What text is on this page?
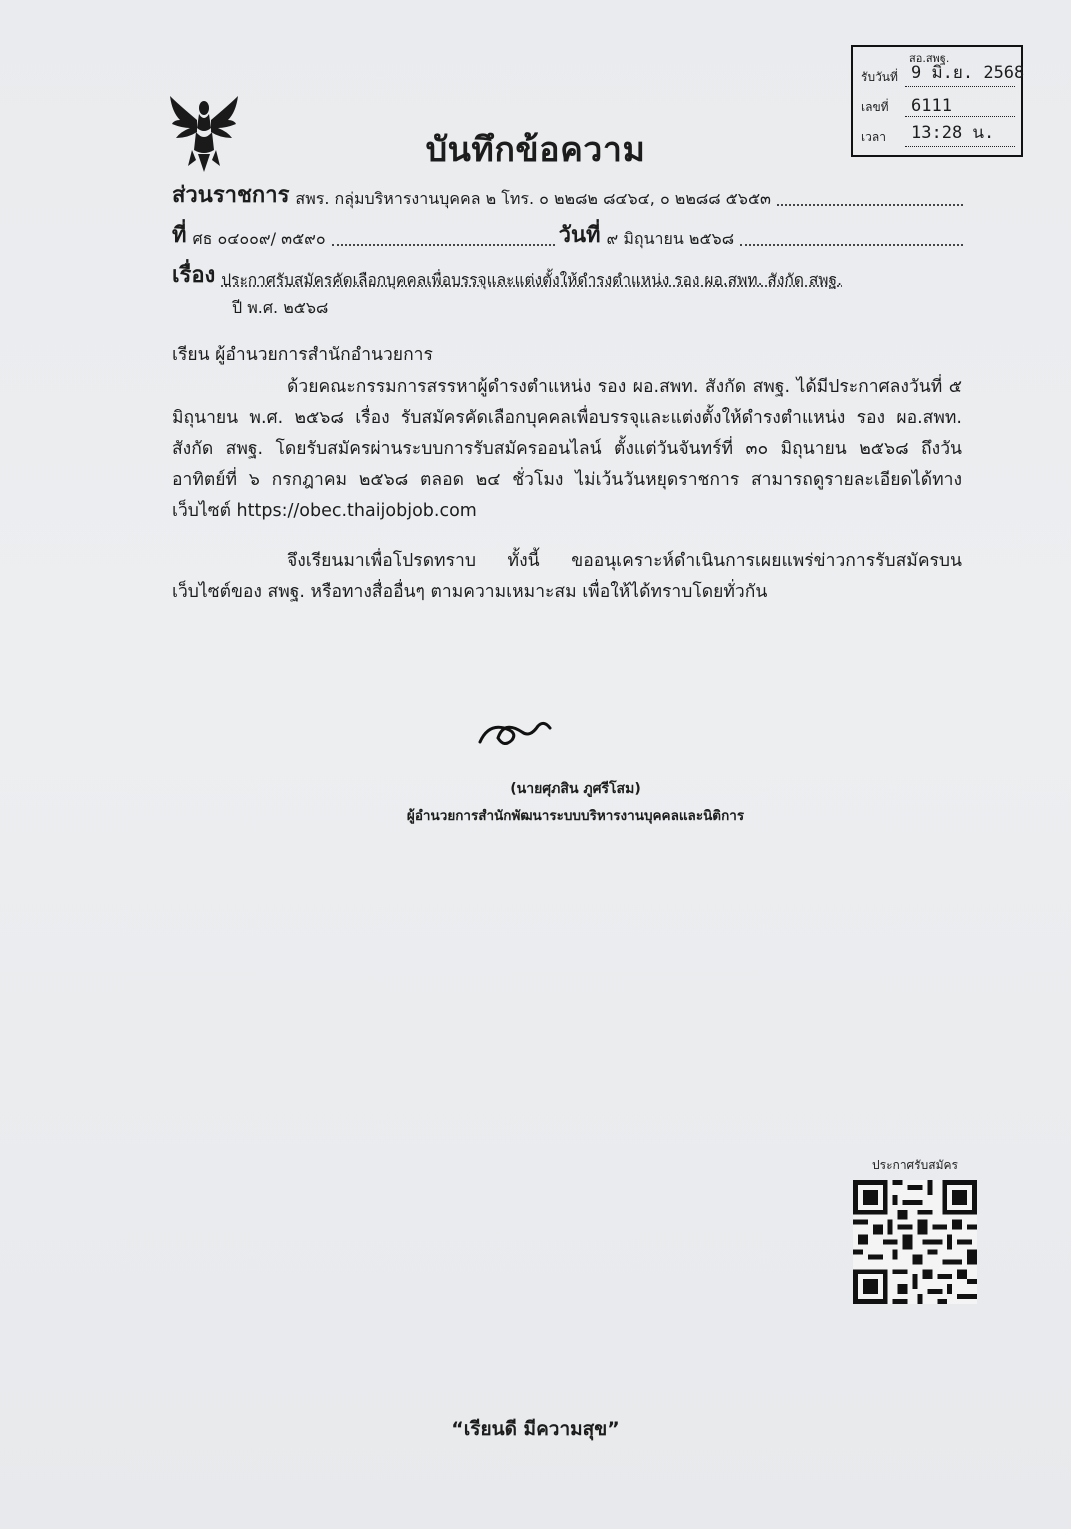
บันทึกข้อความ
สอ.สพฐ.
รับวันที่ 9 มิ.ย. 2568
เลขที่	6111
เวลา	13:28 น.
ส่วนราชการ สพร. กลุ่มบริหารงานบุคคล ๒ โทร. ๐ ๒๒๘๒ ๘๔๖๔, ๐ ๒๒๘๘ ๕๖๕๓
ที่ ศธ ๐๔๐๐๙/ ๓๕๙๐	วันที่ ๙ มิถุนายน ๒๕๖๘
เรื่อง ประกาศรับสมัครคัดเลือกบุคคลเพื่อบรรจุและแต่งตั้งให้ดำรงตำแหน่ง รอง ผอ.สพท. สังกัด สพฐ.
ปี พ.ศ. ๒๕๖๘
เรียน ผู้อำนวยการสำนักอำนวยการ
ด้วยคณะกรรมการสรรหาผู้ดำรงตำแหน่ง รอง ผอ.สพท. สังกัด สพฐ. ได้มีประกาศลงวันที่ ๕ มิถุนายน พ.ศ. ๒๕๖๘ เรื่อง รับสมัครคัดเลือกบุคคลเพื่อบรรจุและแต่งตั้งให้ดำรงตำแหน่ง รอง ผอ.สพท. สังกัด สพฐ. โดยรับสมัครผ่านระบบการรับสมัครออนไลน์ ตั้งแต่วันจันทร์ที่ ๓๐ มิถุนายน ๒๕๖๘ ถึงวันอาทิตย์ที่ ๖ กรกฎาคม ๒๕๖๘ ตลอด ๒๔ ชั่วโมง ไม่เว้นวันหยุดราชการ สามารถดูรายละเอียดได้ทางเว็บไซต์ https://obec.thaijobjob.com
จึงเรียนมาเพื่อโปรดทราบ ทั้งนี้ ขออนุเคราะห์ดำเนินการเผยแพร่ข่าวการรับสมัครบนเว็บไซต์ของ สพฐ. หรือทางสื่ออื่นๆ ตามความเหมาะสม เพื่อให้ได้ทราบโดยทั่วกัน
(นายศุภสิน ภูศรีโสม)
ผู้อำนวยการสำนักพัฒนาระบบบริหารงานบุคคลและนิติการ
ประกาศรับสมัคร
“เรียนดี มีความสุข”
